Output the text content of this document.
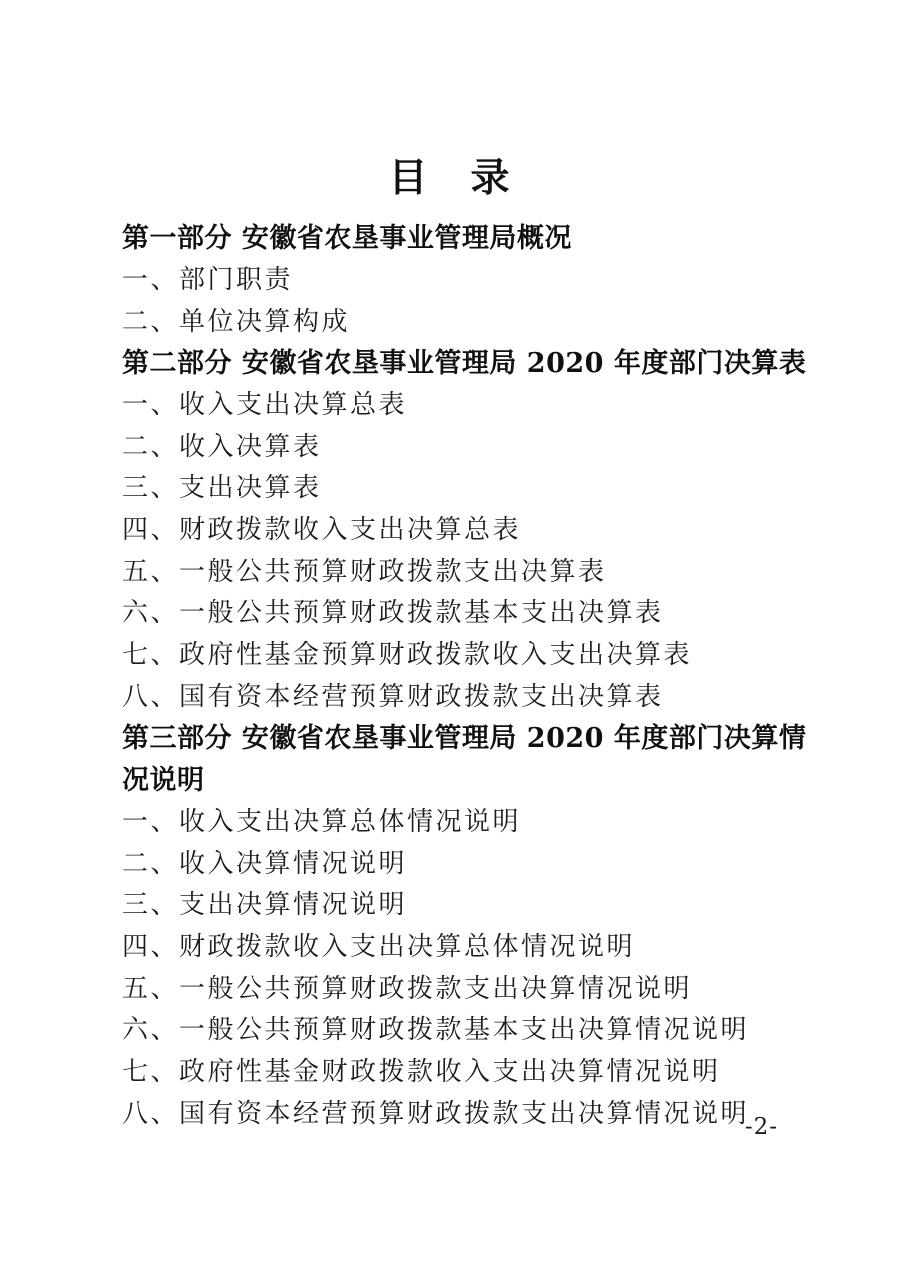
目　录
第一部分 安徽省农垦事业管理局概况
一、部门职责
二、单位决算构成
第二部分 安徽省农垦事业管理局 2020 年度部门决算表
一、收入支出决算总表
二、收入决算表
三、支出决算表
四、财政拨款收入支出决算总表
五、一般公共预算财政拨款支出决算表
六、一般公共预算财政拨款基本支出决算表
七、政府性基金预算财政拨款收入支出决算表
八、国有资本经营预算财政拨款支出决算表
第三部分 安徽省农垦事业管理局 2020 年度部门决算情
况说明
一、收入支出决算总体情况说明
二、收入决算情况说明
三、支出决算情况说明
四、财政拨款收入支出决算总体情况说明
五、一般公共预算财政拨款支出决算情况说明
六、一般公共预算财政拨款基本支出决算情况说明
七、政府性基金财政拨款收入支出决算情况说明
八、国有资本经营预算财政拨款支出决算情况说明
-2-
